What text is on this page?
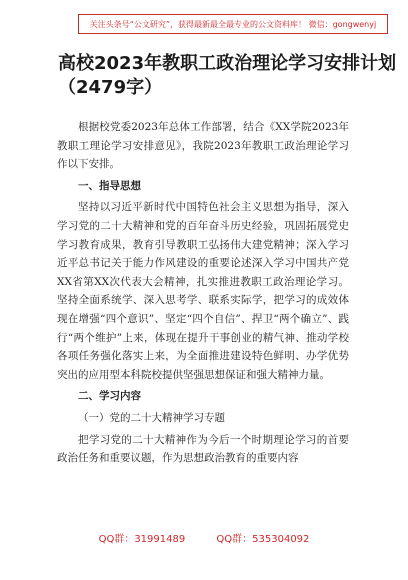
关注头条号“公文研究”，获得最新最全最专业的公文资料库！ 微信：gongwenyj
高校2023年教职工政治理论学习安排计划
（2479字）

根据校党委2023年总体工作部署，结合《XX学院2023年教职工理论学习安排意见》，我院2023年教职工政治理论学习作以下安排。

一、指导思想

坚持以习近平新时代中国特色社会主义思想为指导，深入学习党的二十大精神和党的百年奋斗历史经验，巩固拓展党史学习教育成果，教育引导教职工弘扬伟大建党精神；深入学习近平总书记关于能力作风建设的重要论述深入学习中国共产党XX省第XX次代表大会精神，扎实推进教职工政治理论学习。坚持全面系统学、深入思考学、联系实际学，把学习的成效体现在增强“四个意识”、坚定“四个自信”、捍卫“两个确立”、践行“两个维护”上来，体现在提升干事创业的精气神、推动学校各项任务强化落实上来，为全面推进建设特色鲜明、办学优势突出的应用型本科院校提供坚强思想保证和强大精神力量。

二、学习内容
（一）党的二十大精神学习专题

把学习党的二十大精神作为今后一个时期理论学习的首要政治任务和重要议题，作为思想政治教育的重要内容

QQ群：31991489	QQ群：535304092
